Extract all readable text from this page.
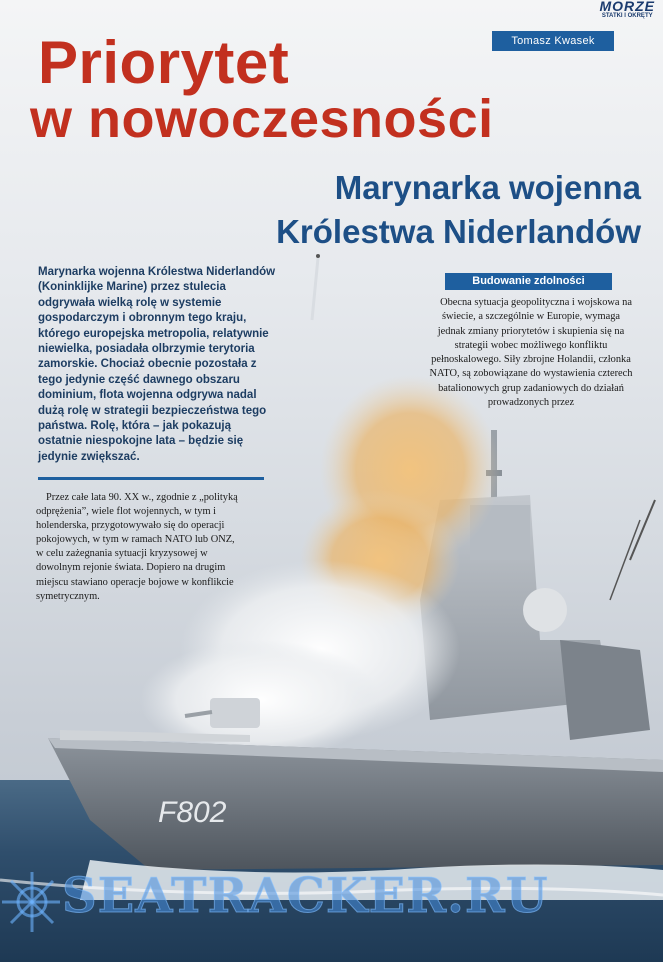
F802
SEATRACKER.RU
MORZE
STATKI I OKRĘTY
Tomasz Kwasek
Priorytet
w nowoczesności
Marynarka wojenna
Królestwa Niderlandów
Marynarka wojenna Królestwa Niderlandów (Koninklijke Marine) przez stulecia odgrywała wielką rolę w systemie gospodarczym i obronnym tego kraju, którego europejska metropolia, relatywnie niewielka, posiadała olbrzymie terytoria zamorskie. Chociaż obecnie pozostała z tego jedynie część dawnego obszaru dominium, flota wojenna odgrywa nadal dużą rolę w strategii bezpieczeństwa tego państwa. Rolę, która – jak pokazują ostatnie niespokojne lata – będzie się jedynie zwiększać.

Przez całe lata 90. XX w., zgodnie z „polityką odprężenia”, wiele flot wojennych, w tym i holenderska, przygotowywało się do operacji pokojowych, w tym w ramach NATO lub ONZ, w celu zażegnania sytuacji kryzysowej w dowolnym rejonie świata. Dopiero na drugim miejscu stawiano operacje bojowe w konflikcie symetrycznym.

Budowanie zdolności

Obecna sytuacja geopolityczna i wojskowa na świecie, a szczególnie w Europie, wymaga jednak zmiany priorytetów i skupienia się na strategii wobec możliwego konfliktu pełnoskalowego. Siły zbrojne Holandii, członka NATO, są zobowiązane do wystawienia czterech batalionowych grup zadaniowych do działań prowadzonych przez
